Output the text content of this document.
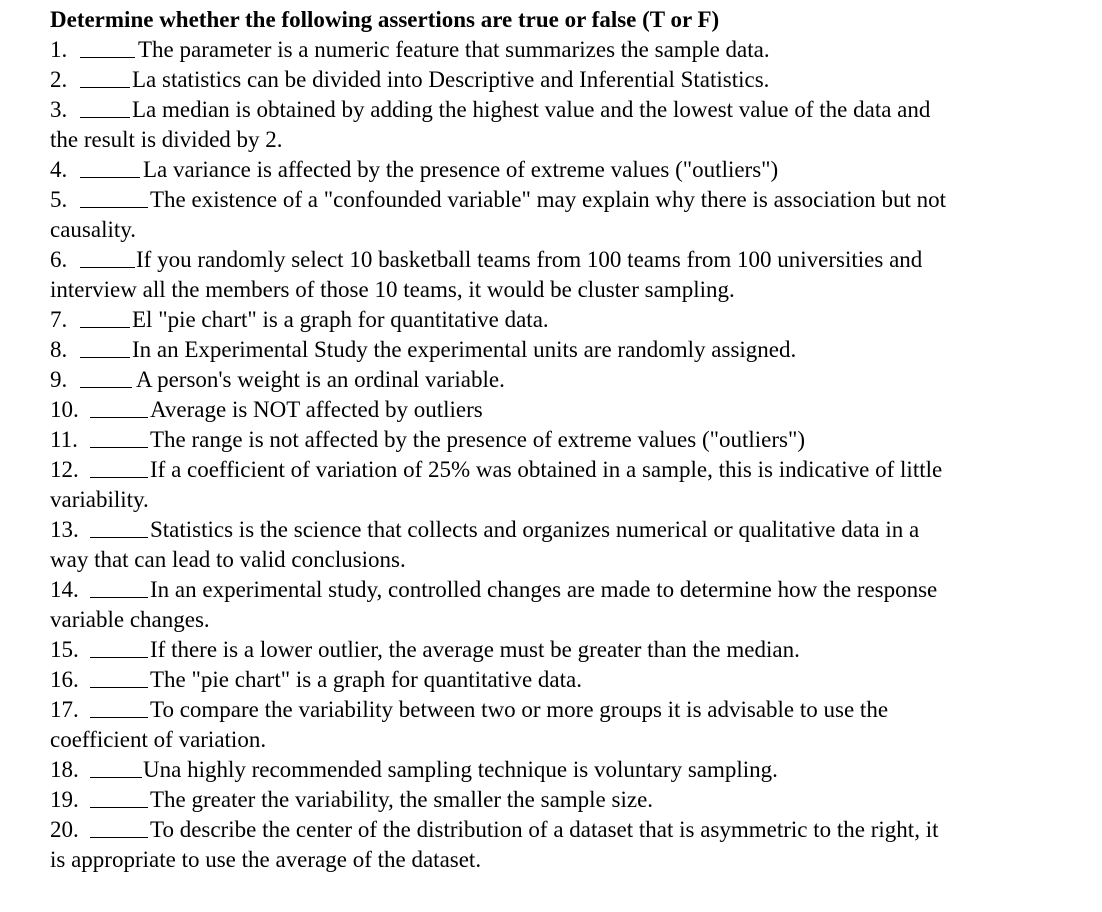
Determine whether the following assertions are true or false (T or F)
1.	The parameter is a numeric feature that summarizes the sample data.
2.	La statistics can be divided into Descriptive and Inferential Statistics.
3.	La median is obtained by adding the highest value and the lowest value of the data and
the result is divided by 2.
4.	La variance is affected by the presence of extreme values ("outliers")
5.	The existence of a "confounded variable" may explain why there is association but not
causality.
6.	If you randomly select 10 basketball teams from 100 teams from 100 universities and
interview all the members of those 10 teams, it would be cluster sampling.
7.	El "pie chart" is a graph for quantitative data.
8.	In an Experimental Study the experimental units are randomly assigned.
9.	A person's weight is an ordinal variable.
10.	Average is NOT affected by outliers
11.	The range is not affected by the presence of extreme values ("outliers")
12.	If a coefficient of variation of 25% was obtained in a sample, this is indicative of little
variability.
13.	Statistics is the science that collects and organizes numerical or qualitative data in a
way that can lead to valid conclusions.
14.	In an experimental study, controlled changes are made to determine how the response
variable changes.
15.	If there is a lower outlier, the average must be greater than the median.
16.	The "pie chart" is a graph for quantitative data.
17.	To compare the variability between two or more groups it is advisable to use the
coefficient of variation.
18.	Una highly recommended sampling technique is voluntary sampling.
19.	The greater the variability, the smaller the sample size.
20.	To describe the center of the distribution of a dataset that is asymmetric to the right, it
is appropriate to use the average of the dataset.
